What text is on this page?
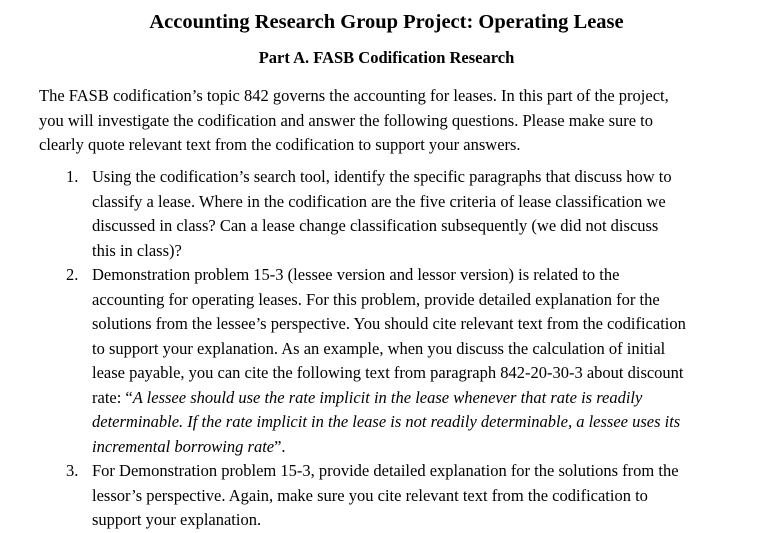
Accounting Research Group Project: Operating Lease
Part A. FASB Codification Research

The FASB codification’s topic 842 governs the accounting for leases. In this part of the project,
you will investigate the codification and answer the following questions. Please make sure to
clearly quote relevant text from the codification to support your answers.

1. Using the codification’s search tool, identify the specific paragraphs that discuss how to
classify a lease. Where in the codification are the five criteria of lease classification we
discussed in class? Can a lease change classification subsequently (we did not discuss
this in class)?
2. Demonstration problem 15-3 (lessee version and lessor version) is related to the
accounting for operating leases. For this problem, provide detailed explanation for the
solutions from the lessee’s perspective. You should cite relevant text from the codification
to support your explanation. As an example, when you discuss the calculation of initial
lease payable, you can cite the following text from paragraph 842-20-30-3 about discount
rate: “A lessee should use the rate implicit in the lease whenever that rate is readily
determinable. If the rate implicit in the lease is not readily determinable, a lessee uses its
incremental borrowing rate”.
3. For Demonstration problem 15-3, provide detailed explanation for the solutions from the
lessor’s perspective. Again, make sure you cite relevant text from the codification to
support your explanation.
